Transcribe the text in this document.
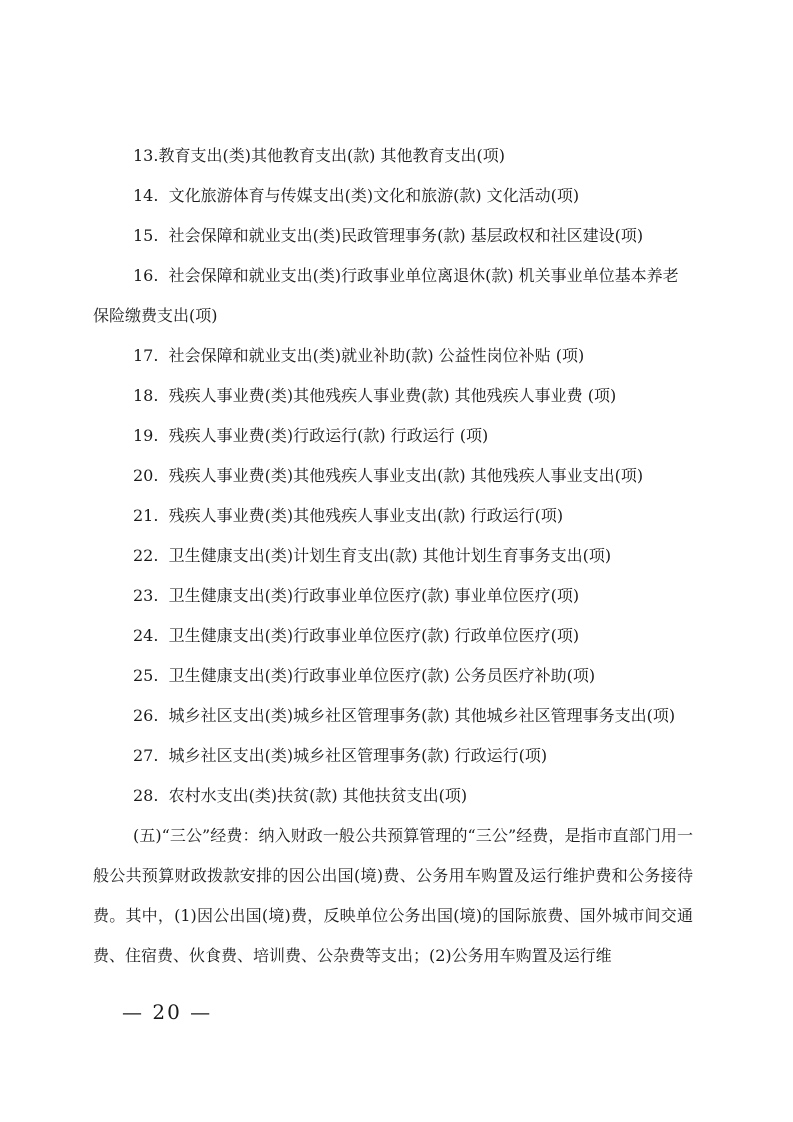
13.教育支出(类)其他教育支出(款) 其他教育支出(项)
14. 文化旅游体育与传媒支出(类)文化和旅游(款) 文化活动(项)
15. 社会保障和就业支出(类)民政管理事务(款) 基层政权和社区建设(项)
16. 社会保障和就业支出(类)行政事业单位离退休(款) 机关事业单位基本养老
保险缴费支出(项)
17. 社会保障和就业支出(类)就业补助(款) 公益性岗位补贴 (项)
18. 残疾人事业费(类)其他残疾人事业费(款) 其他残疾人事业费 (项)
19. 残疾人事业费(类)行政运行(款) 行政运行 (项)
20. 残疾人事业费(类)其他残疾人事业支出(款) 其他残疾人事业支出(项)
21. 残疾人事业费(类)其他残疾人事业支出(款) 行政运行(项)
22. 卫生健康支出(类)计划生育支出(款) 其他计划生育事务支出(项)
23. 卫生健康支出(类)行政事业单位医疗(款) 事业单位医疗(项)
24. 卫生健康支出(类)行政事业单位医疗(款) 行政单位医疗(项)
25. 卫生健康支出(类)行政事业单位医疗(款) 公务员医疗补助(项)
26. 城乡社区支出(类)城乡社区管理事务(款) 其他城乡社区管理事务支出(项)
27. 城乡社区支出(类)城乡社区管理事务(款) 行政运行(项)
28. 农村水支出(类)扶贫(款) 其他扶贫支出(项)

(五)“三公”经费：纳入财政一般公共预算管理的“三公”经费，是指市直部门用一般公共预算财政拨款安排的因公出国(境)费、公务用车购置及运行维护费和公务接待费。其中，(1)因公出国(境)费，反映单位公务出国(境)的国际旅费、国外城市间交通费、住宿费、伙食费、培训费、公杂费等支出；(2)公务用车购置及运行维

— 20 —
